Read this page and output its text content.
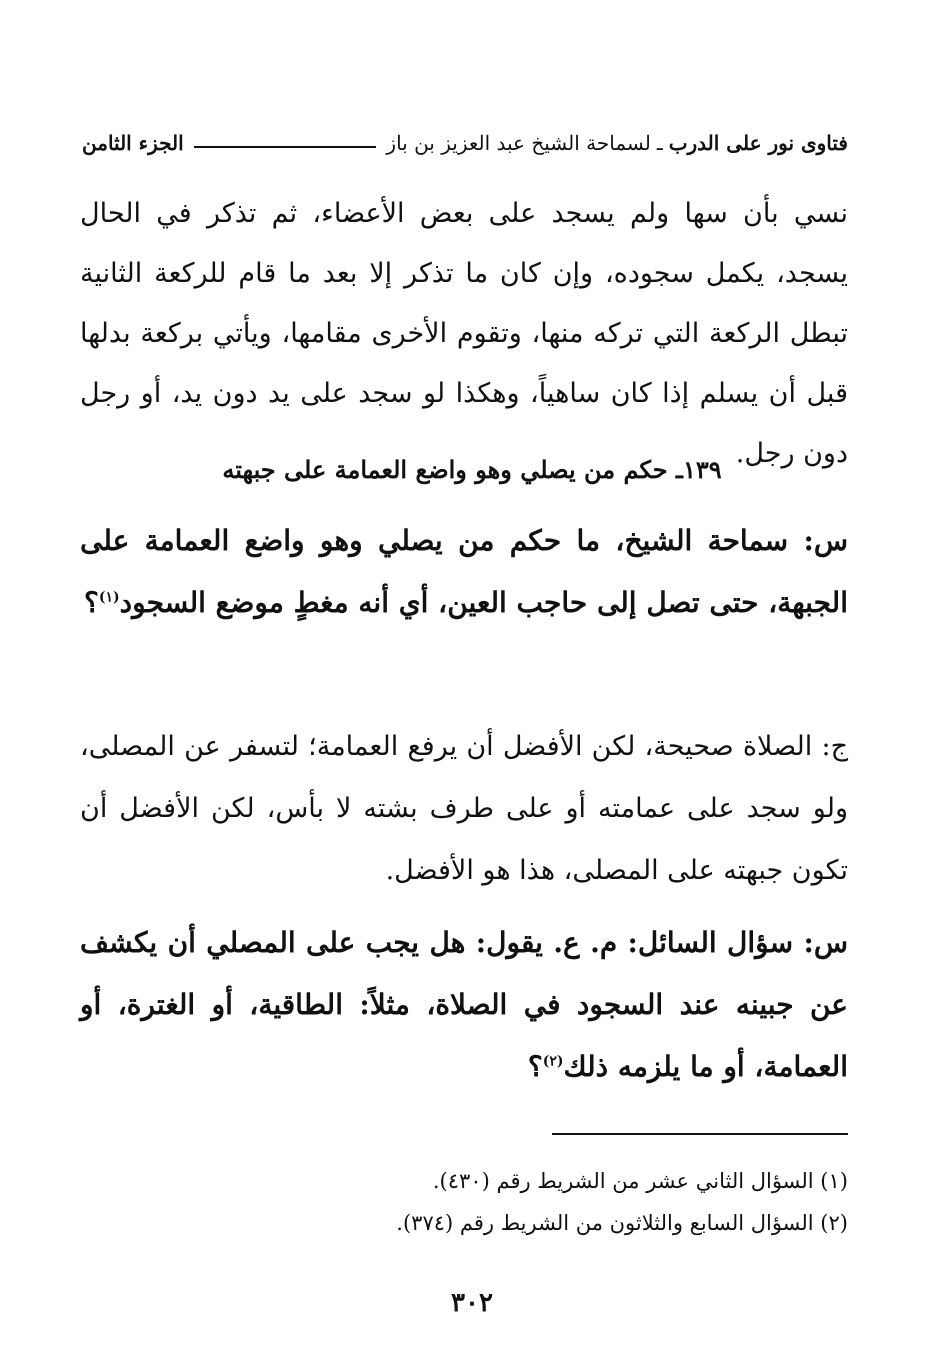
فتاوى نور على الدرب
ـ
لسماحة الشيخ عبد العزيز بن باز
الجزء الثامن
نسي بأن سها ولم يسجد على بعض الأعضاء، ثم تذكر في الحال يسجد، يكمل سجوده، وإن كان ما تذكر إلا بعد ما قام للركعة الثانية تبطل الركعة التي تركه منها، وتقوم الأخرى مقامها، ويأتي بركعة بدلها قبل أن يسلم إذا كان ساهياً، وهكذا لو سجد على يد دون يد، أو رجل دون رجل.
١٣٩ـ حكم من يصلي وهو واضع العمامة على جبهته
س: سماحة الشيخ، ما حكم من يصلي وهو واضع العمامة على الجبهة، حتى تصل إلى حاجب العين، أي أنه مغطٍ موضع السجود$^{(١)}$؟
ج: الصلاة صحيحة، لكن الأفضل أن يرفع العمامة؛ لتسفر عن المصلى، ولو سجد على عمامته أو على طرف بشته لا بأس، لكن الأفضل أن تكون جبهته على المصلى، هذا هو الأفضل.
س: سؤال السائل: م. ع. يقول: هل يجب على المصلي أن يكشف عن جبينه عند السجود في الصلاة، مثلاً: الطاقية، أو الغترة، أو العمامة، أو ما يلزمه ذلك$^{(٢)}$؟
(١) السؤال الثاني عشر من الشريط رقم (٤٣٠).
(٢) السؤال السابع والثلاثون من الشريط رقم (٣٧٤).
٣٠٢
